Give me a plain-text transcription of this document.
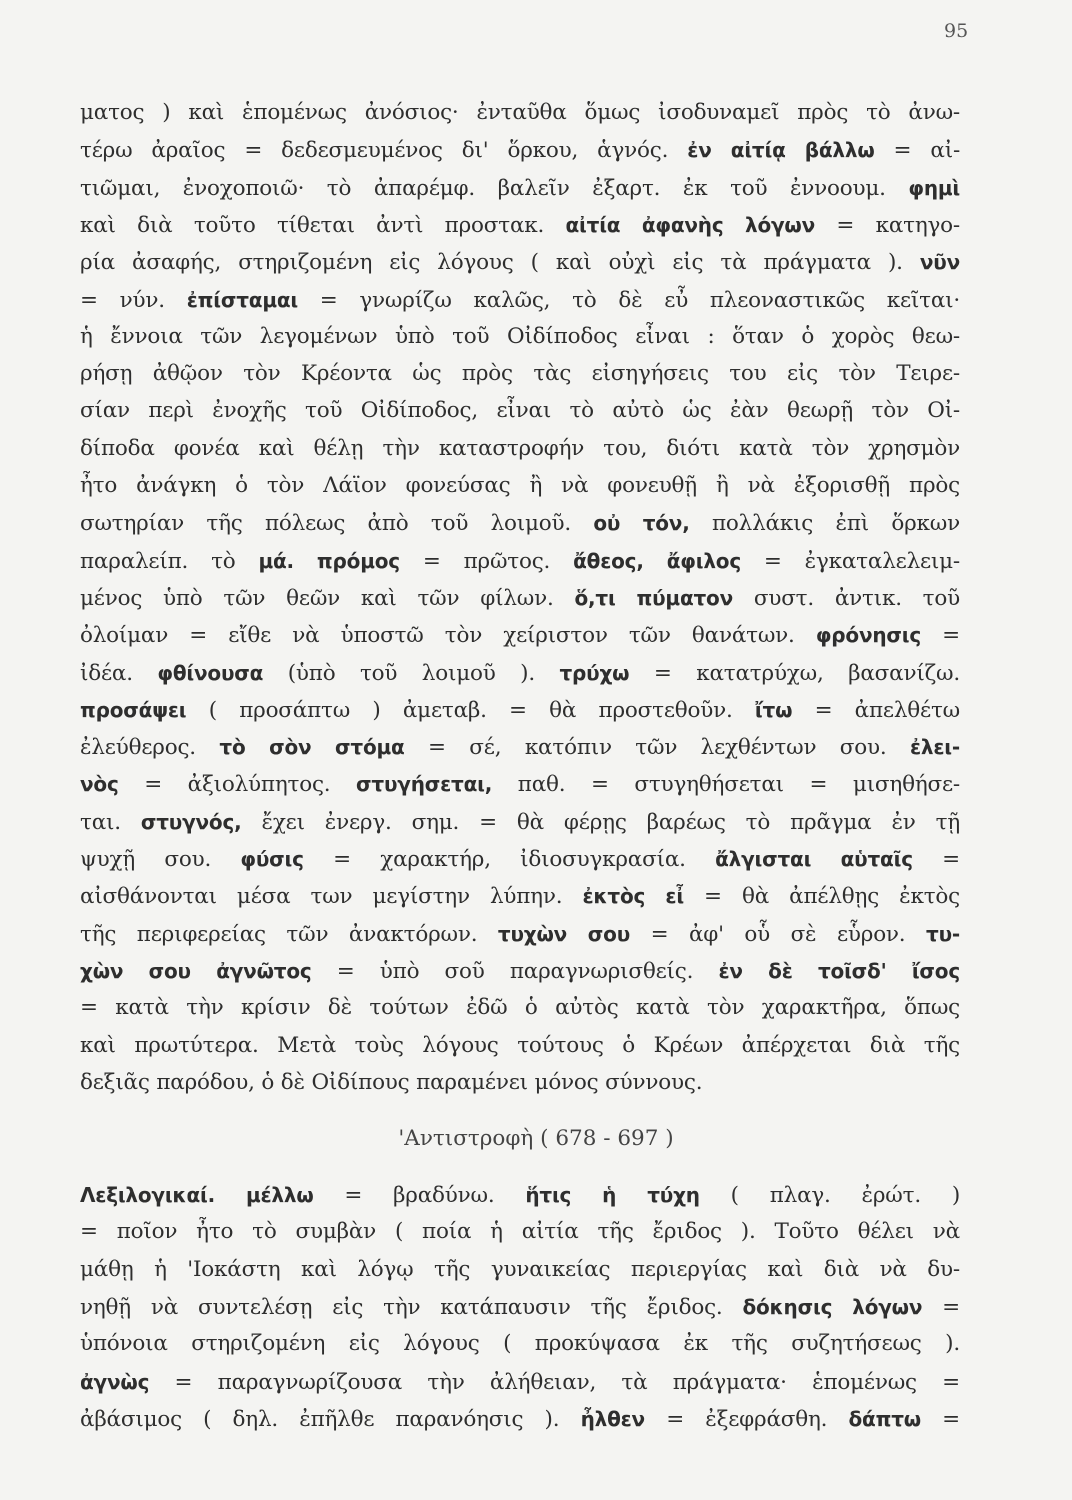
95
ματος ) καὶ ἑπομένως ἀνόσιος· ἐνταῦθα ὅμως ἰσοδυναμεῖ πρὸς τὸ ἀνω-
τέρω ἀραῖος = δεδεσμευμένος δι' ὅρκου, ἁγνός. ἐν αἰτίᾳ βάλλω = αἰ-
τιῶμαι, ἐνοχοποιῶ· τὸ ἀπαρέμφ. βαλεῖν ἐξαρτ. ἐκ τοῦ ἐννοουμ. φημὶ
καὶ διὰ τοῦτο τίθεται ἀντὶ προστακ. αἰτία ἀφανὴς λόγων = κατηγο-
ρία ἀσαφής, στηριζομένη εἰς λόγους ( καὶ οὐχὶ εἰς τὰ πράγματα ). νῦν
= νύν. ἐπίσταμαι = γνωρίζω καλῶς, τὸ δὲ εὖ πλεοναστικῶς κεῖται·
ἡ ἔννοια τῶν λεγομένων ὑπὸ τοῦ Οἰδίποδος εἶναι : ὅταν ὁ χορὸς θεω-
ρήσῃ ἀθῷον τὸν Κρέοντα ὡς πρὸς τὰς εἰσηγήσεις του εἰς τὸν Τειρε-
σίαν περὶ ἐνοχῆς τοῦ Οἰδίποδος, εἶναι τὸ αὐτὸ ὡς ἐὰν θεωρῇ τὸν Οἰ-
δίποδα φονέα καὶ θέλῃ τὴν καταστροφήν του, διότι κατὰ τὸν χρησμὸν
ἦτο ἀνάγκη ὁ τὸν Λάϊον φονεύσας ἢ νὰ φονευθῇ ἢ νὰ ἐξορισθῇ πρὸς
σωτηρίαν τῆς πόλεως ἀπὸ τοῦ λοιμοῦ. οὐ τόν, πολλάκις ἐπὶ ὅρκων
παραλείπ. τὸ μά. πρόμος = πρῶτος. ἄθεος, ἄφιλος = ἐγκαταλελειμ-
μένος ὑπὸ τῶν θεῶν καὶ τῶν φίλων. ὅ,τι πύματον συστ. ἀντικ. τοῦ
ὀλοίμαν = εἴθε νὰ ὑποστῶ τὸν χείριστον τῶν θανάτων. φρόνησις =
ἰδέα. φθίνουσα (ὑπὸ τοῦ λοιμοῦ ). τρύχω = κατατρύχω, βασανίζω.
προσάψει ( προσάπτω ) ἀμεταβ. = θὰ προστεθοῦν. ἴτω = ἀπελθέτω
ἐλεύθερος. τὸ σὸν στόμα = σέ, κατόπιν τῶν λεχθέντων σου. ἐλει-
νὸς = ἀξιολύπητος. στυγήσεται, παθ. = στυγηθήσεται = μισηθήσε-
ται. στυγνός, ἔχει ἐνεργ. σημ. = θὰ φέρῃς βαρέως τὸ πρᾶγμα ἐν τῇ
ψυχῇ σου. φύσις = χαρακτήρ, ἰδιοσυγκρασία. ἄλγισται αὑταῖς =
αἰσθάνονται μέσα των μεγίστην λύπην. ἐκτὸς εἶ = θὰ ἀπέλθῃς ἐκτὸς
τῆς περιφερείας τῶν ἀνακτόρων. τυχὼν σου = ἀφ' οὗ σὲ εὗρον. τυ-
χὼν σου ἀγνῶτος = ὑπὸ σοῦ παραγνωρισθείς. ἐν δὲ τοῖσδ' ἴσος
= κατὰ τὴν κρίσιν δὲ τούτων ἐδῶ ὁ αὐτὸς κατὰ τὸν χαρακτῆρα, ὅπως
καὶ πρωτύτερα. Μετὰ τοὺς λόγους τούτους ὁ Κρέων ἀπέρχεται διὰ τῆς
δεξιᾶς παρόδου, ὁ δὲ Οἰδίπους παραμένει μόνος σύννους.
Λεξιλογικαί. μέλλω = βραδύνω. ἥτις ἡ τύχη ( πλαγ. ἐρώτ. )
= ποῖον ἦτο τὸ συμβὰν ( ποία ἡ αἰτία τῆς ἔριδος ). Τοῦτο θέλει νὰ
μάθῃ ἡ 'Ιοκάστη καὶ λόγῳ τῆς γυναικείας περιεργίας καὶ διὰ νὰ δυ-
νηθῇ νὰ συντελέσῃ εἰς τὴν κατάπαυσιν τῆς ἔριδος. δόκησις λόγων =
ὑπόνοια στηριζομένη εἰς λόγους ( προκύψασα ἐκ τῆς συζητήσεως ).
ἀγνὼς = παραγνωρίζουσα τὴν ἀλήθειαν, τὰ πράγματα· ἑπομένως =
ἀβάσιμος ( δηλ. ἐπῆλθε παρανόησις ). ἦλθεν = ἐξεφράσθη. δάπτω =
'Αντιστροφὴ ( 678 - 697 )
